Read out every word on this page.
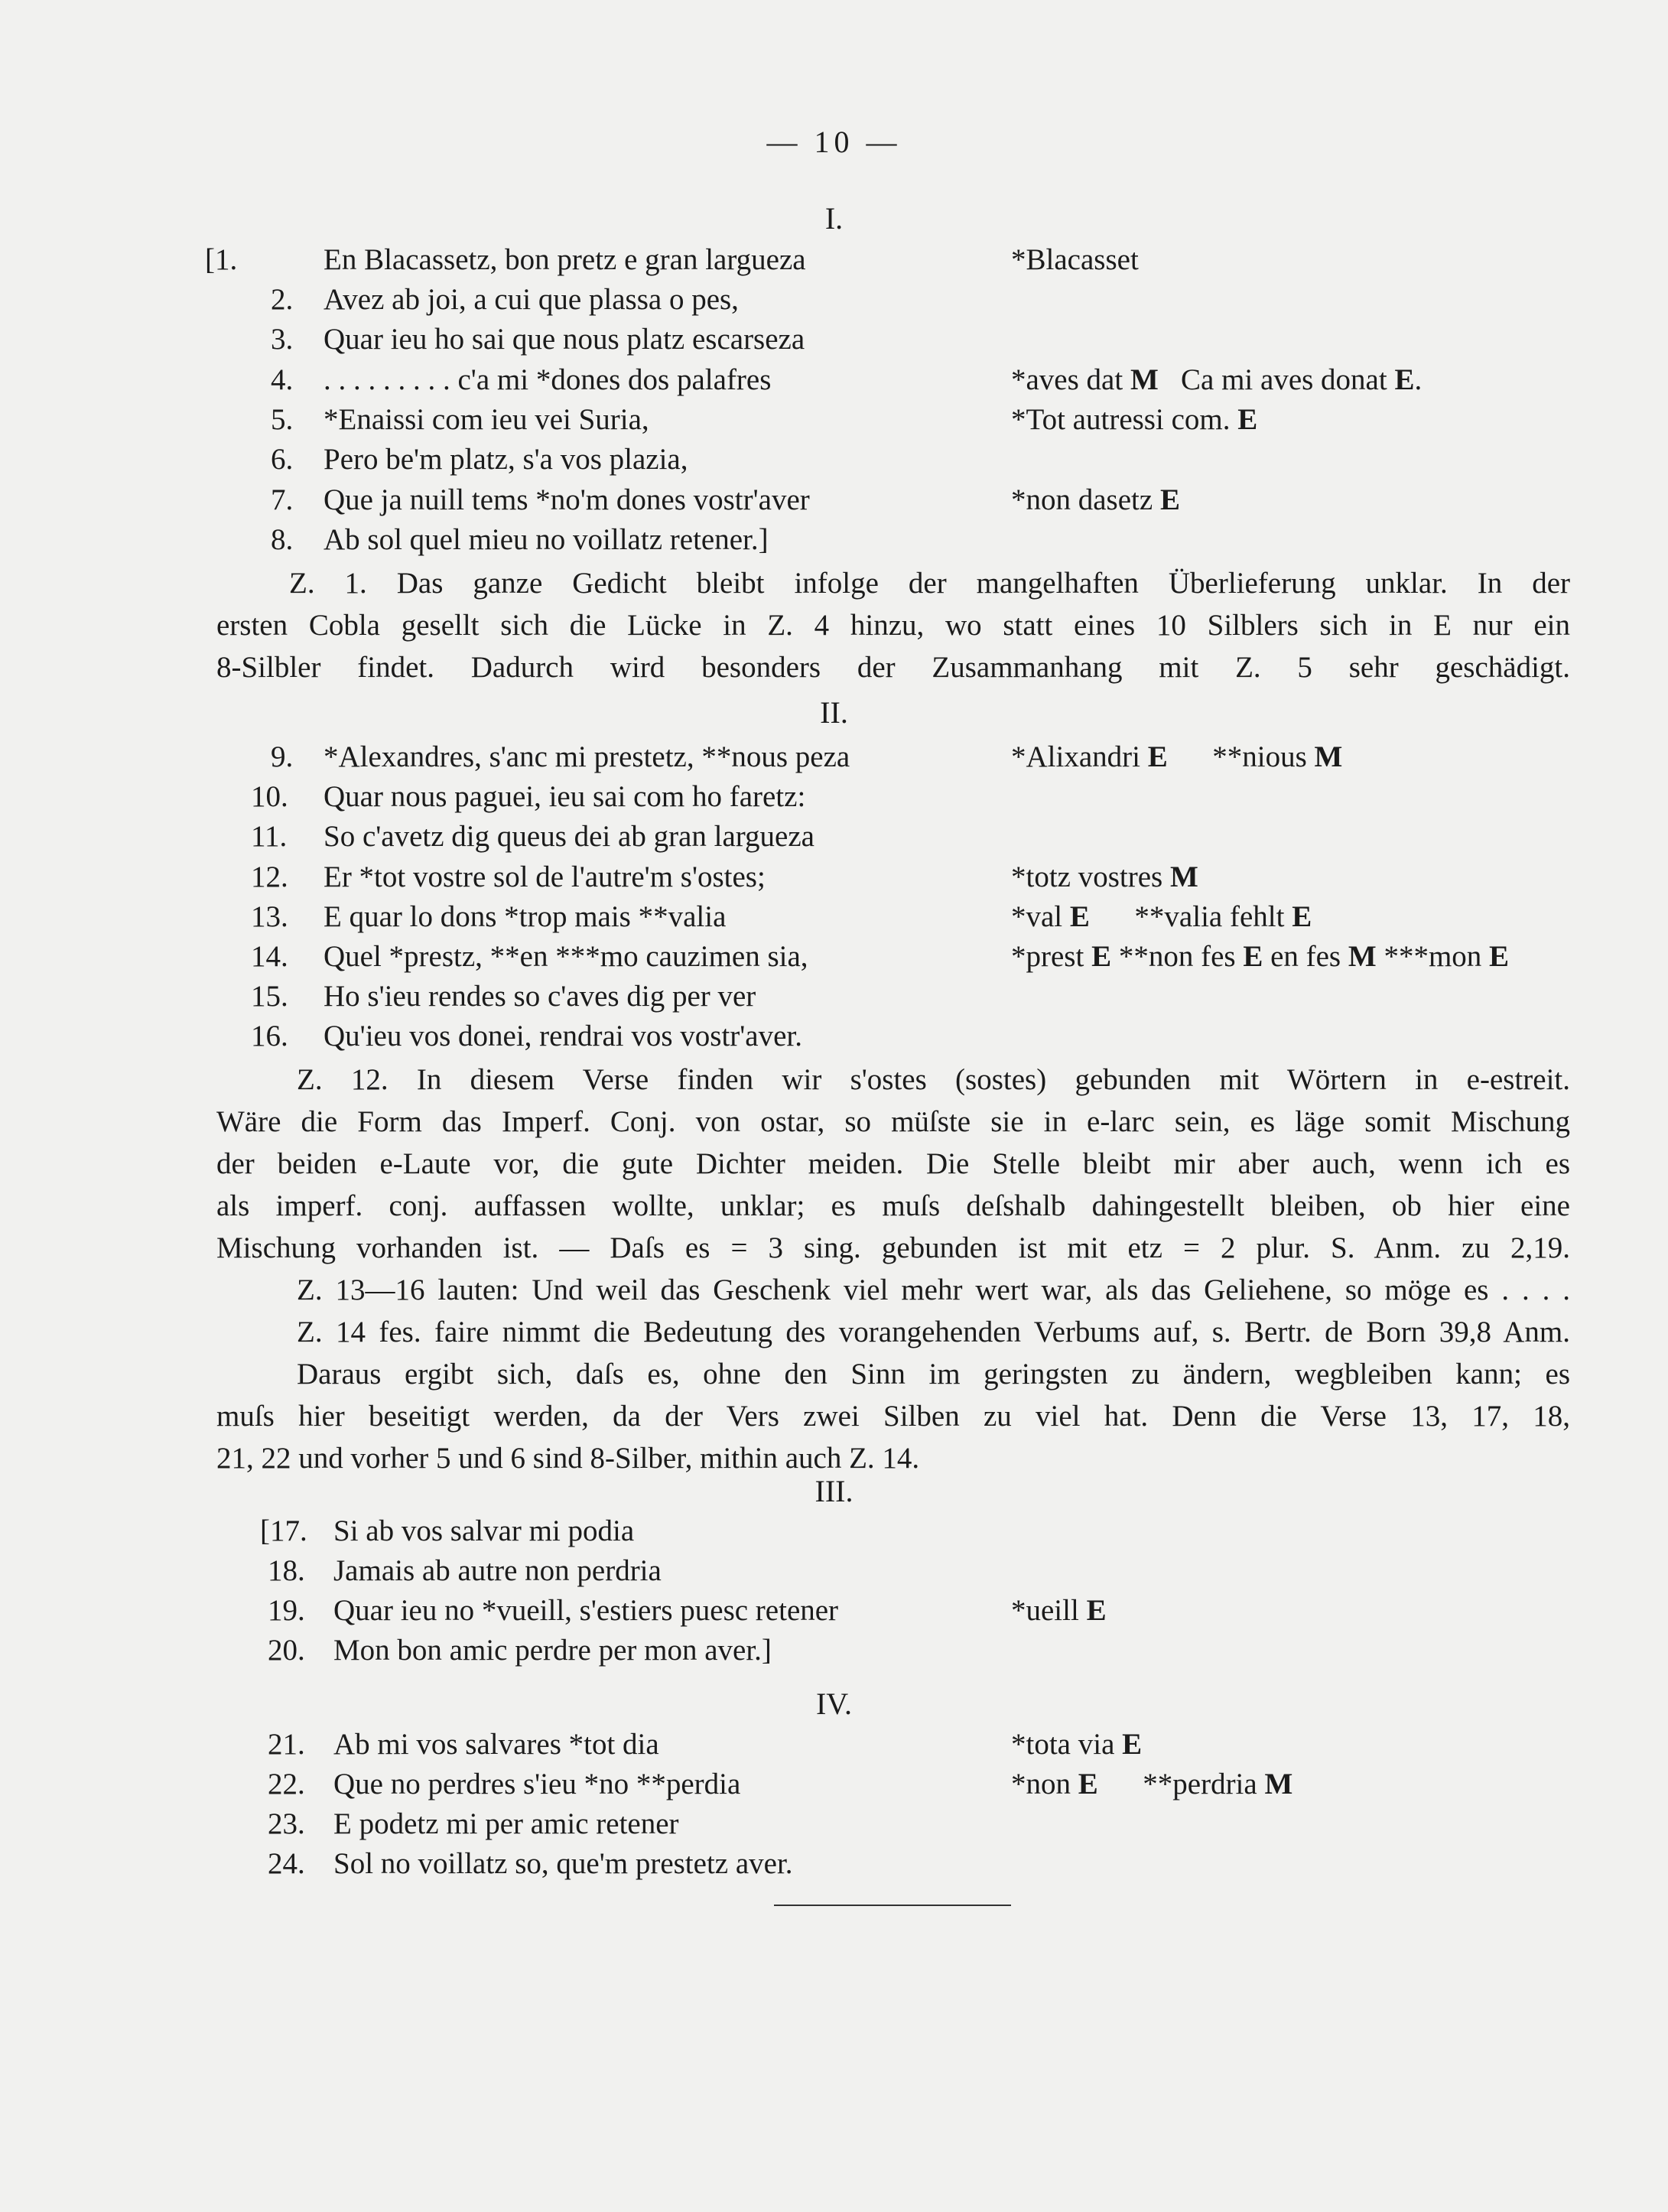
— 10 —
I.
[1.	En Blacassetz, bon pretz e gran largueza	*Blacasset
2. Avez ab joi, a cui que plassa o pes,
3. Quar ieu ho sai que nous platz escarseza
4. . . . . . . . . . c'a mi *dones dos palafres	*aves dat M   Ca mi aves donat E.
5. *Enaissi com ieu vei Suria,	*Tot autressi com. E
6. Pero be'm platz, s'a vos plazia,
7. Que ja nuill tems *no'm dones vostr'aver	*non dasetz E
8. Ab sol quel mieu no voillatz retener.]
Z. 1. Das ganze Gedicht bleibt infolge der mangelhaften Überlieferung unklar. In der
ersten Cobla gesellt sich die Lücke in Z. 4 hinzu, wo statt eines 10 Silblers sich in E nur ein
8-Silbler findet. Dadurch wird besonders der Zusammanhang mit Z. 5 sehr geschädigt.
II.
9. *Alexandres, s'anc mi prestetz, **nous peza	*Alixandri E      **nious M
10. Quar nous paguei, ieu sai com ho faretz:
11. So c'avetz dig queus dei ab gran largueza
12. Er *tot vostre sol de l'autre'm s'ostes;	*totz vostres M
13. E quar lo dons *trop mais **valia	*val E      **valia fehlt E
14. Quel *prestz, **en ***mo cauzimen sia,	*prest E **non fes E en fes M ***mon E
15. Ho s'ieu rendes so c'aves dig per ver
16. Qu'ieu vos donei, rendrai vos vostr'aver.
Z. 12. In diesem Verse finden wir s'ostes (sostes) gebunden mit Wörtern in e-estreit.
Wäre die Form das Imperf. Conj. von ostar, so müſste sie in e-larc sein, es läge somit Mischung
der beiden e-Laute vor, die gute Dichter meiden. Die Stelle bleibt mir aber auch, wenn ich es
als imperf. conj. auffassen wollte, unklar; es muſs deſshalb dahingestellt bleiben, ob hier eine
Mischung vorhanden ist. — Daſs es = 3 sing. gebunden ist mit etz = 2 plur. S. Anm. zu 2,19.
Z. 13—16 lauten: Und weil das Geschenk viel mehr wert war, als das Geliehene, so möge es . . . .
Z. 14 fes. faire nimmt die Bedeutung des vorangehenden Verbums auf, s. Bertr. de Born 39,8 Anm.
Daraus ergibt sich, daſs es, ohne den Sinn im geringsten zu ändern, wegbleiben kann; es
muſs hier beseitigt werden, da der Vers zwei Silben zu viel hat. Denn die Verse 13, 17, 18,
21, 22 und vorher 5 und 6 sind 8-Silber, mithin auch Z. 14.
III.
[17. Si ab vos salvar mi podia
18. Jamais ab autre non perdria
19. Quar ieu no *vueill, s'estiers puesc retener	*ueill E
20. Mon bon amic perdre per mon aver.]
IV.
21. Ab mi vos salvares *tot dia	*tota via E
22. Que no perdres s'ieu *no **perdia	*non E      **perdria M
23. E podetz mi per amic retener
24. Sol no voillatz so, que'm prestetz aver.
